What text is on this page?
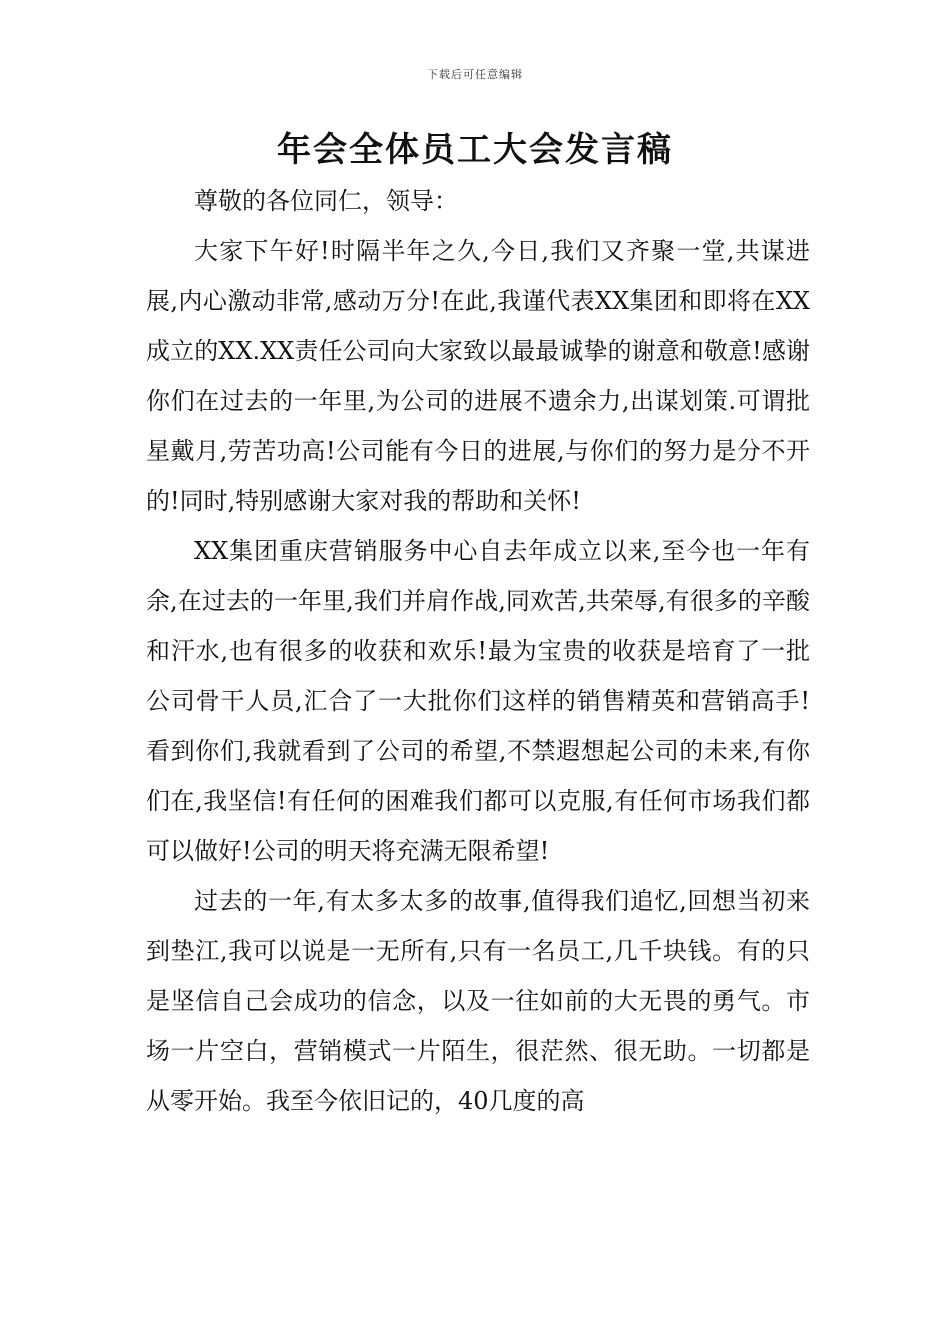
下载后可任意编辑
年会全体员工大会发言稿

尊敬的各位同仁，领导：

大家下午好!时隔半年之久,今日,我们又齐聚一堂,共谋进展,内心激动非常,感动万分!在此,我谨代表XX集团和即将在XX成立的XX.XX责任公司向大家致以最最诚挚的谢意和敬意!感谢你们在过去的一年里,为公司的进展不遗余力,出谋划策.可谓批星戴月,劳苦功高!公司能有今日的进展,与你们的努力是分不开的!同时,特别感谢大家对我的帮助和关怀!

XX集团重庆营销服务中心自去年成立以来,至今也一年有余,在过去的一年里,我们并肩作战,同欢苦,共荣辱,有很多的辛酸和汗水,也有很多的收获和欢乐!最为宝贵的收获是培育了一批公司骨干人员,汇合了一大批你们这样的销售精英和营销高手!看到你们,我就看到了公司的希望,不禁遐想起公司的未来,有你们在,我坚信!有任何的困难我们都可以克服,有任何市场我们都可以做好!公司的明天将充满无限希望!

过去的一年,有太多太多的故事,值得我们追忆,回想当初来到垫江,我可以说是一无所有,只有一名员工,几千块钱。有的只是坚信自己会成功的信念，以及一往如前的大无畏的勇气。市场一片空白，营销模式一片陌生，很茫然、很无助。一切都是从零开始。我至今依旧记的，40几度的高
